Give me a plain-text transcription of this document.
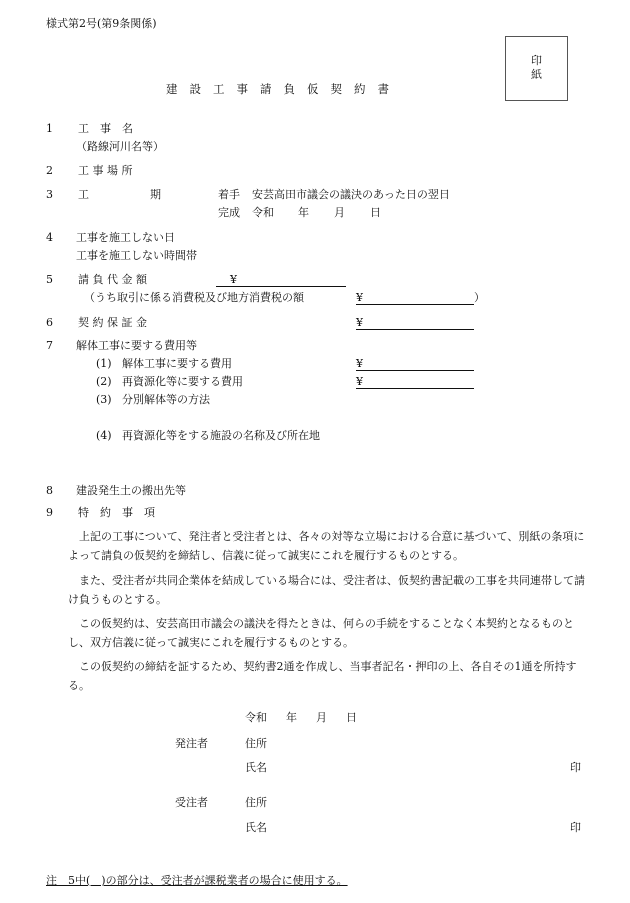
様式第2号(第9条関係)
印
紙
建設工事請負仮契約書
1 工　事　名
（路線河川名等）
2 工 事 場 所
3 工	期	着手 安芸高田市議会の議決のあった日の翌日
完成 令和 年 月 日
4 工事を施工しない日
工事を施工しない時間帯
5 請 負 代 金 額	¥
（うち取引に係る消費税及び地方消費税の額	¥	）
6 契 約 保 証 金	¥
7 解体工事に要する費用等
(1) 解体工事に要する費用	¥
(2) 再資源化等に要する費用	¥
(3) 分別解体等の方法
(4) 再資源化等をする施設の名称及び所在地
8 建設発生土の搬出先等
9 特　約　事　項
上記の工事について、発注者と受注者とは、各々の対等な立場における合意に基づいて、別紙の条項によって請負の仮契約を締結し、信義に従って誠実にこれを履行するものとする。
また、受注者が共同企業体を結成している場合には、受注者は、仮契約書記載の工事を共同連帯して請け負うものとする。
この仮契約は、安芸高田市議会の議決を得たときは、何らの手続をすることなく本契約となるものとし、双方信義に従って誠実にこれを履行するものとする。
この仮契約の締結を証するため、契約書2通を作成し、当事者記名・押印の上、各自その1通を所持する。
令和 年 月 日
発注者	住所
氏名	印
受注者	住所
氏名	印
注　5中(　)の部分は、受注者が課税業者の場合に使用する。
